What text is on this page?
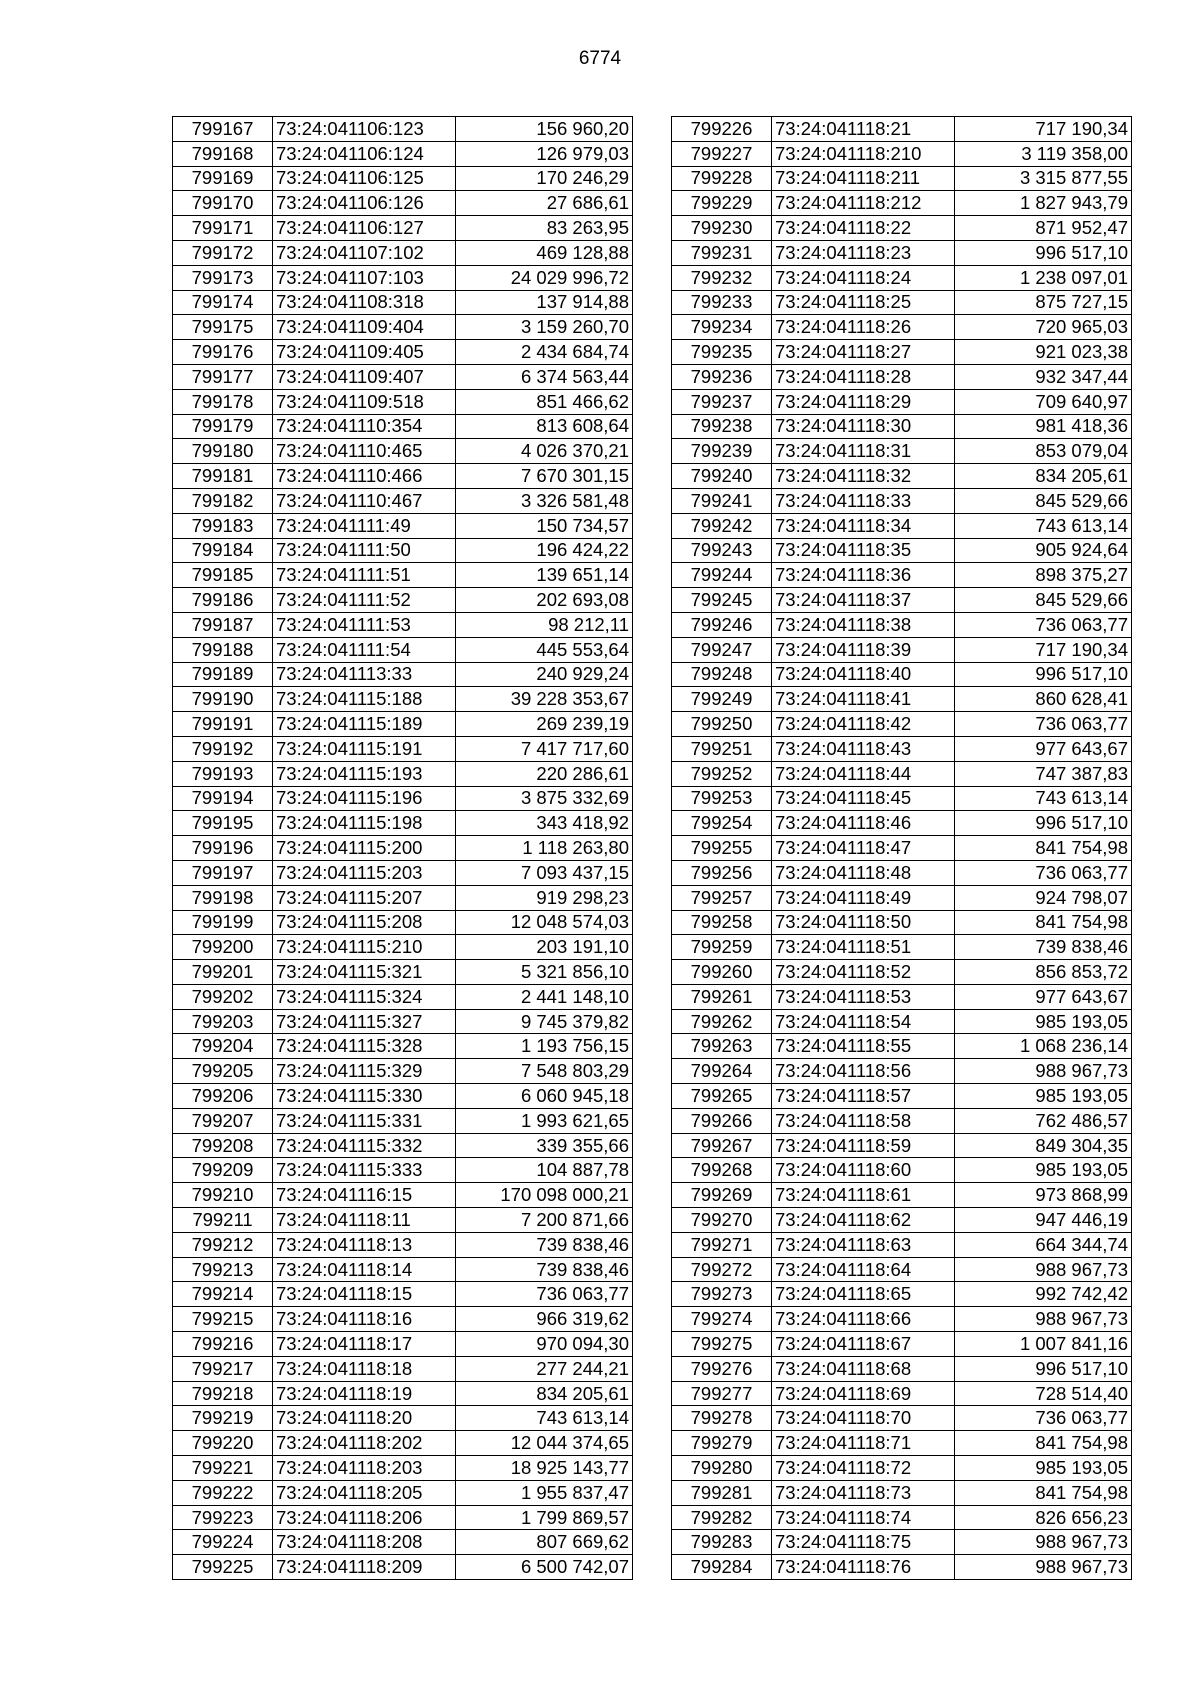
6774
799167	73:24:041106:123	156 960,20
799168	73:24:041106:124	126 979,03
799169	73:24:041106:125	170 246,29
799170	73:24:041106:126	27 686,61
799171	73:24:041106:127	83 263,95
799172	73:24:041107:102	469 128,88
799173	73:24:041107:103	24 029 996,72
799174	73:24:041108:318	137 914,88
799175	73:24:041109:404	3 159 260,70
799176	73:24:041109:405	2 434 684,74
799177	73:24:041109:407	6 374 563,44
799178	73:24:041109:518	851 466,62
799179	73:24:041110:354	813 608,64
799180	73:24:041110:465	4 026 370,21
799181	73:24:041110:466	7 670 301,15
799182	73:24:041110:467	3 326 581,48
799183	73:24:041111:49	150 734,57
799184	73:24:041111:50	196 424,22
799185	73:24:041111:51	139 651,14
799186	73:24:041111:52	202 693,08
799187	73:24:041111:53	98 212,11
799188	73:24:041111:54	445 553,64
799189	73:24:041113:33	240 929,24
799190	73:24:041115:188	39 228 353,67
799191	73:24:041115:189	269 239,19
799192	73:24:041115:191	7 417 717,60
799193	73:24:041115:193	220 286,61
799194	73:24:041115:196	3 875 332,69
799195	73:24:041115:198	343 418,92
799196	73:24:041115:200	1 118 263,80
799197	73:24:041115:203	7 093 437,15
799198	73:24:041115:207	919 298,23
799199	73:24:041115:208	12 048 574,03
799200	73:24:041115:210	203 191,10
799201	73:24:041115:321	5 321 856,10
799202	73:24:041115:324	2 441 148,10
799203	73:24:041115:327	9 745 379,82
799204	73:24:041115:328	1 193 756,15
799205	73:24:041115:329	7 548 803,29
799206	73:24:041115:330	6 060 945,18
799207	73:24:041115:331	1 993 621,65
799208	73:24:041115:332	339 355,66
799209	73:24:041115:333	104 887,78
799210	73:24:041116:15	170 098 000,21
799211	73:24:041118:11	7 200 871,66
799212	73:24:041118:13	739 838,46
799213	73:24:041118:14	739 838,46
799214	73:24:041118:15	736 063,77
799215	73:24:041118:16	966 319,62
799216	73:24:041118:17	970 094,30
799217	73:24:041118:18	277 244,21
799218	73:24:041118:19	834 205,61
799219	73:24:041118:20	743 613,14
799220	73:24:041118:202	12 044 374,65
799221	73:24:041118:203	18 925 143,77
799222	73:24:041118:205	1 955 837,47
799223	73:24:041118:206	1 799 869,57
799224	73:24:041118:208	807 669,62
799225	73:24:041118:209	6 500 742,07
799226	73:24:041118:21	717 190,34
799227	73:24:041118:210	3 119 358,00
799228	73:24:041118:211	3 315 877,55
799229	73:24:041118:212	1 827 943,79
799230	73:24:041118:22	871 952,47
799231	73:24:041118:23	996 517,10
799232	73:24:041118:24	1 238 097,01
799233	73:24:041118:25	875 727,15
799234	73:24:041118:26	720 965,03
799235	73:24:041118:27	921 023,38
799236	73:24:041118:28	932 347,44
799237	73:24:041118:29	709 640,97
799238	73:24:041118:30	981 418,36
799239	73:24:041118:31	853 079,04
799240	73:24:041118:32	834 205,61
799241	73:24:041118:33	845 529,66
799242	73:24:041118:34	743 613,14
799243	73:24:041118:35	905 924,64
799244	73:24:041118:36	898 375,27
799245	73:24:041118:37	845 529,66
799246	73:24:041118:38	736 063,77
799247	73:24:041118:39	717 190,34
799248	73:24:041118:40	996 517,10
799249	73:24:041118:41	860 628,41
799250	73:24:041118:42	736 063,77
799251	73:24:041118:43	977 643,67
799252	73:24:041118:44	747 387,83
799253	73:24:041118:45	743 613,14
799254	73:24:041118:46	996 517,10
799255	73:24:041118:47	841 754,98
799256	73:24:041118:48	736 063,77
799257	73:24:041118:49	924 798,07
799258	73:24:041118:50	841 754,98
799259	73:24:041118:51	739 838,46
799260	73:24:041118:52	856 853,72
799261	73:24:041118:53	977 643,67
799262	73:24:041118:54	985 193,05
799263	73:24:041118:55	1 068 236,14
799264	73:24:041118:56	988 967,73
799265	73:24:041118:57	985 193,05
799266	73:24:041118:58	762 486,57
799267	73:24:041118:59	849 304,35
799268	73:24:041118:60	985 193,05
799269	73:24:041118:61	973 868,99
799270	73:24:041118:62	947 446,19
799271	73:24:041118:63	664 344,74
799272	73:24:041118:64	988 967,73
799273	73:24:041118:65	992 742,42
799274	73:24:041118:66	988 967,73
799275	73:24:041118:67	1 007 841,16
799276	73:24:041118:68	996 517,10
799277	73:24:041118:69	728 514,40
799278	73:24:041118:70	736 063,77
799279	73:24:041118:71	841 754,98
799280	73:24:041118:72	985 193,05
799281	73:24:041118:73	841 754,98
799282	73:24:041118:74	826 656,23
799283	73:24:041118:75	988 967,73
799284	73:24:041118:76	988 967,73
